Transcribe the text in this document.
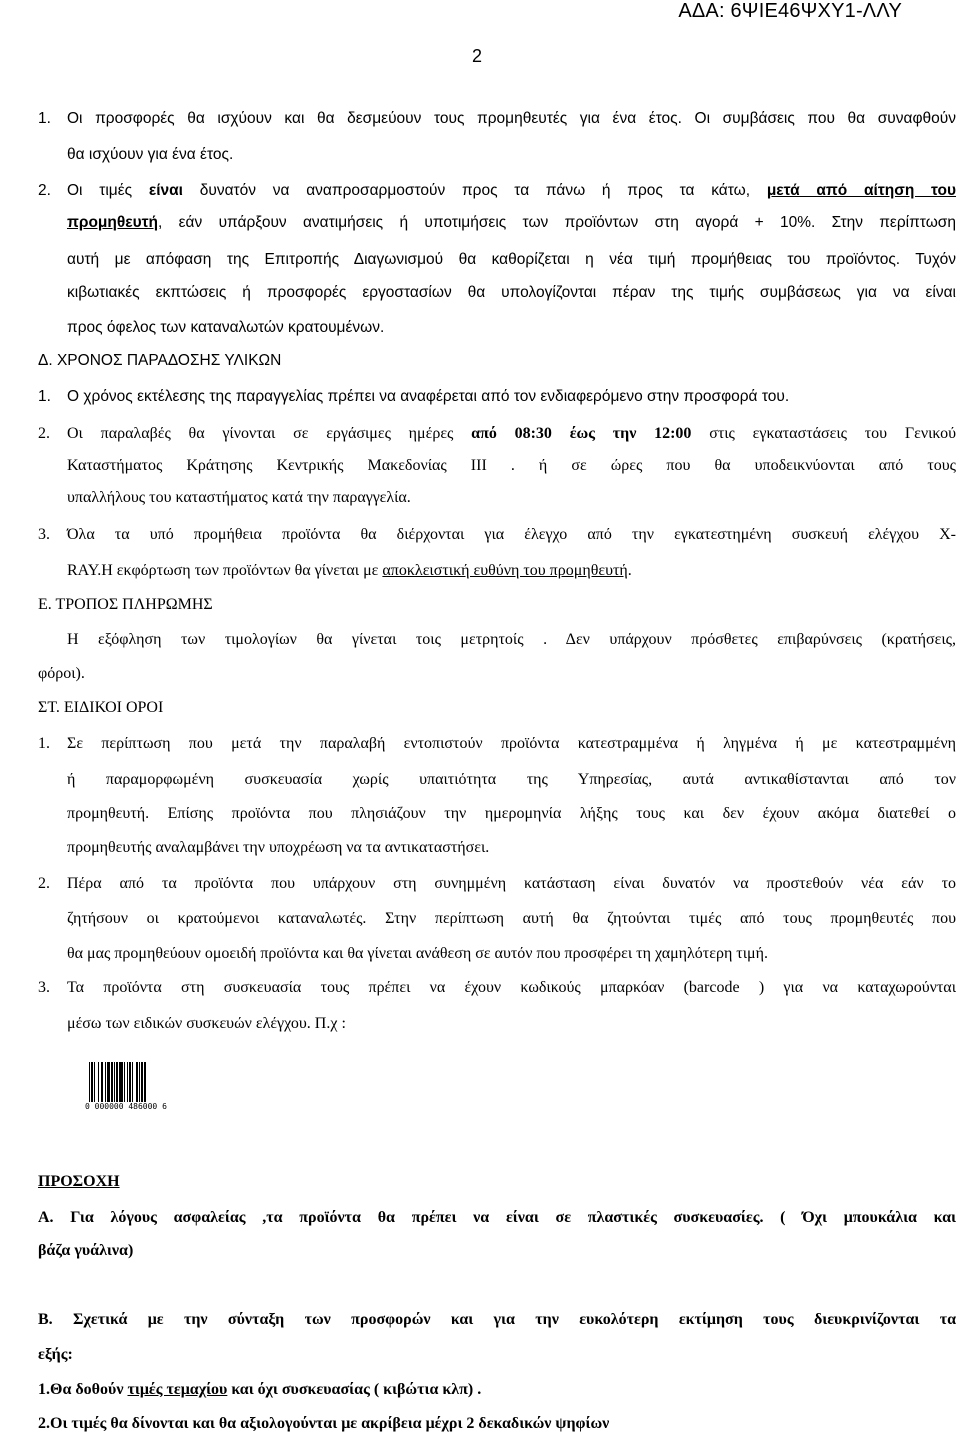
ΑΔΑ: 6ΨΙΕ46ΨΧΥ1-ΛΛΥ
2
1. Οι προσφορές θα ισχύουν και θα δεσμεύουν τους προμηθευτές για ένα έτος. Οι συμβάσεις που θα συναφθούν
θα ισχύουν για ένα έτος.
2. Οι τιμές είναι δυνατόν να αναπροσαρμοστούν προς τα πάνω ή προς τα κάτω, μετά από αίτηση του
προμηθευτή, εάν υπάρξουν ανατιμήσεις ή υποτιμήσεις των προϊόντων στη αγορά + 10%. Στην περίπτωση
αυτή με απόφαση της Επιτροπής Διαγωνισμού θα καθορίζεται η νέα τιμή προμήθειας του προϊόντος. Τυχόν
κιβωτιακές εκπτώσεις ή προσφορές εργοστασίων θα υπολογίζονται πέραν της τιμής συμβάσεως για να είναι
προς όφελος των καταναλωτών κρατουμένων.
Δ. ΧΡΟΝΟΣ ΠΑΡΑΔΟΣΗΣ ΥΛΙΚΩΝ
1. Ο χρόνος εκτέλεσης της παραγγελίας πρέπει να αναφέρεται από τον ενδιαφερόμενο στην προσφορά του.
2. Οι παραλαβές θα γίνονται σε εργάσιμες ημέρες από 08:30 έως την 12:00 στις εγκαταστάσεις του Γενικού
Καταστήματος Κράτησης Κεντρικής Μακεδονίας ΙΙΙ . ή σε ώρες που θα υποδεικνύονται από τους
υπαλλήλους του καταστήματος κατά την παραγγελία.
3. Όλα τα υπό προμήθεια προϊόντα θα διέρχονται για έλεγχο από την εγκατεστημένη συσκευή ελέγχου Χ-
RAY.Η εκφόρτωση των προϊόντων θα γίνεται με αποκλειστική ευθύνη του προμηθευτή.
Ε. ΤΡΟΠΟΣ ΠΛΗΡΩΜΗΣ
Η εξόφληση των τιμολογίων θα γίνεται τοις μετρητοίς . Δεν υπάρχουν πρόσθετες επιβαρύνσεις (κρατήσεις,
φόροι).
ΣΤ. ΕΙΔΙΚΟΙ ΟΡΟΙ
1. Σε περίπτωση που μετά την παραλαβή εντοπιστούν προϊόντα κατεστραμμένα ή ληγμένα ή με κατεστραμμένη
ή παραμορφωμένη συσκευασία χωρίς υπαιτιότητα της Υπηρεσίας, αυτά αντικαθίστανται από τον
προμηθευτή. Επίσης προϊόντα που πλησιάζουν την ημερομηνία λήξης τους και δεν έχουν ακόμα διατεθεί ο
προμηθευτής αναλαμβάνει την υποχρέωση να τα αντικαταστήσει.
2. Πέρα από τα προϊόντα που υπάρχουν στη συνημμένη κατάσταση είναι δυνατόν να προστεθούν νέα εάν το
ζητήσουν οι κρατούμενοι καταναλωτές. Στην περίπτωση αυτή θα ζητούνται τιμές από τους προμηθευτές που
θα μας προμηθεύουν ομοειδή προϊόντα και θα γίνεται ανάθεση σε αυτόν που προσφέρει τη χαμηλότερη τιμή.
3. Τα προϊόντα στη συσκευασία τους πρέπει να έχουν κωδικούς μπαρκόαν (barcode ) για να καταχωρούνται
μέσω των ειδικών συσκευών ελέγχου. Π.χ :
0 000000 486000 6
ΠΡΟΣΟΧΗ
Α. Για λόγους ασφαλείας ,τα προϊόντα θα πρέπει να είναι σε πλαστικές συσκευασίες. ( Όχι μπουκάλια και
βάζα γυάλινα)
Β. Σχετικά με την σύνταξη των προσφορών και για την ευκολότερη εκτίμηση τους διευκρινίζονται τα
εξής:
1.Θα δοθούν τιμές τεμαχίου και όχι συσκευασίας ( κιβώτια κλπ) .
2.Οι τιμές θα δίνονται και θα αξιολογούνται με ακρίβεια μέχρι 2 δεκαδικών ψηφίων
